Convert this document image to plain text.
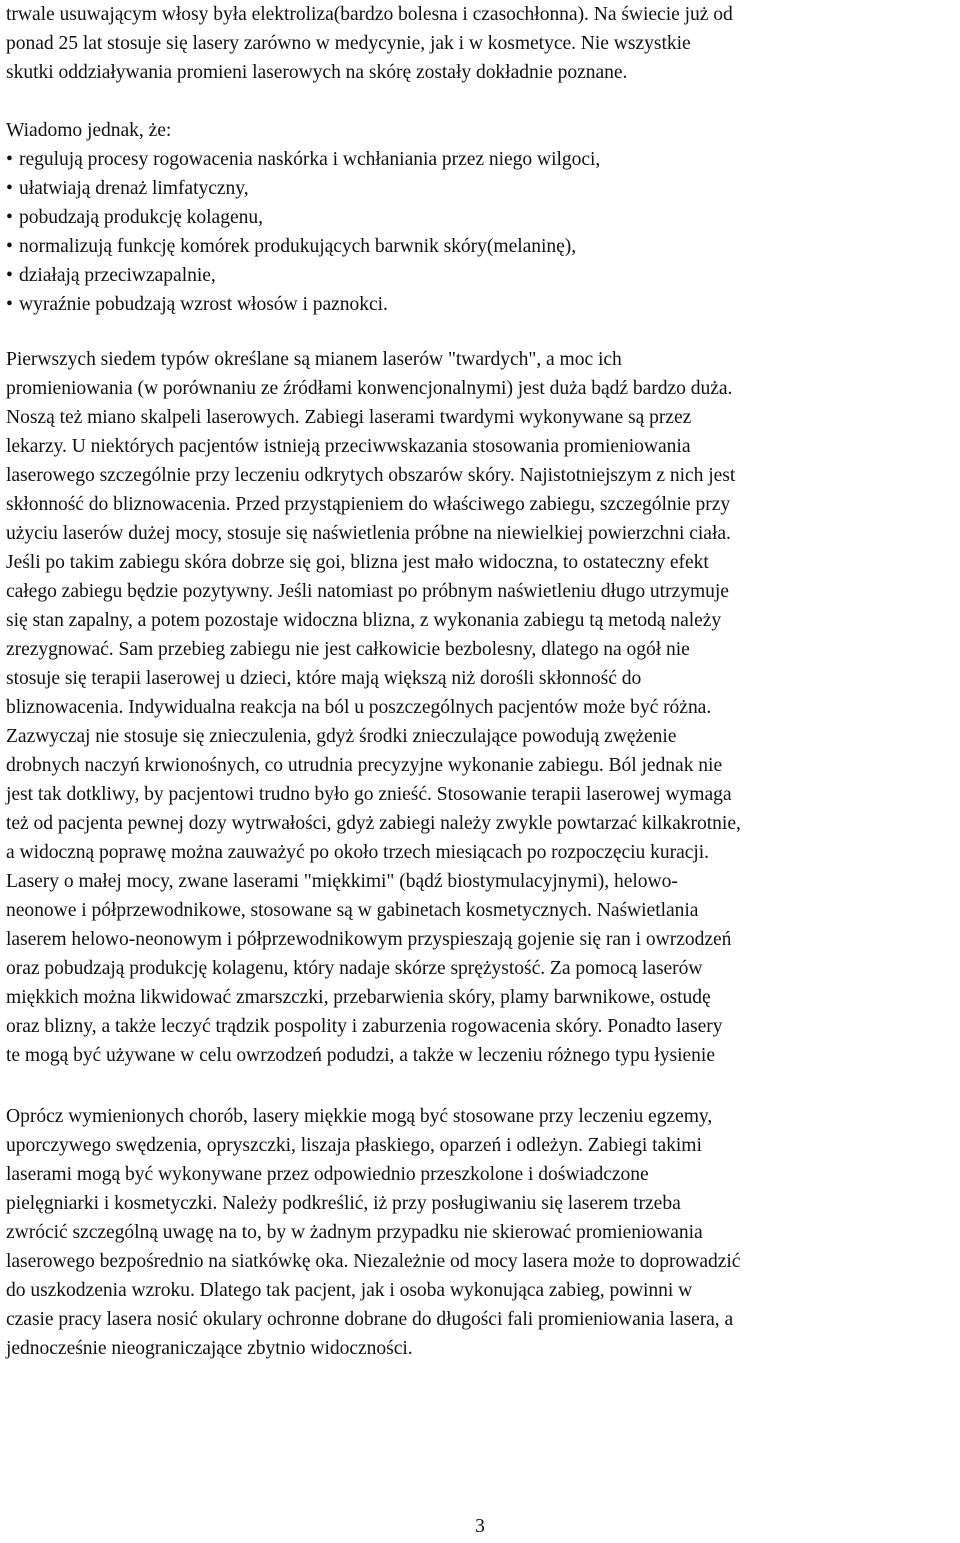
trwale usuwającym włosy była elektroliza(bardzo bolesna i czasochłonna). Na świecie już od
ponad 25 lat stosuje się lasery zarówno w medycynie, jak i w kosmetyce. Nie wszystkie
skutki oddziaływania promieni laserowych na skórę zostały dokładnie poznane.
Wiadomo jednak, że:
• regulują procesy rogowacenia naskórka i wchłaniania przez niego wilgoci,
• ułatwiają drenaż limfatyczny,
• pobudzają produkcję kolagenu,
• normalizują funkcję komórek produkujących barwnik skóry(melaninę),
• działają przeciwzapalnie,
• wyraźnie pobudzają wzrost włosów i paznokci.
Pierwszych siedem typów określane są mianem laserów "twardych", a moc ich
promieniowania (w porównaniu ze źródłami konwencjonalnymi) jest duża bądź bardzo duża.
Noszą też miano skalpeli laserowych. Zabiegi laserami twardymi wykonywane są przez
lekarzy. U niektórych pacjentów istnieją przeciwwskazania stosowania promieniowania
laserowego szczególnie przy leczeniu odkrytych obszarów skóry. Najistotniejszym z nich jest
skłonność do bliznowacenia. Przed przystąpieniem do właściwego zabiegu, szczególnie przy
użyciu laserów dużej mocy, stosuje się naświetlenia próbne na niewielkiej powierzchni ciała.
Jeśli po takim zabiegu skóra dobrze się goi, blizna jest mało widoczna, to ostateczny efekt
całego zabiegu będzie pozytywny. Jeśli natomiast po próbnym naświetleniu długo utrzymuje
się stan zapalny, a potem pozostaje widoczna blizna, z wykonania zabiegu tą metodą należy
zrezygnować. Sam przebieg zabiegu nie jest całkowicie bezbolesny, dlatego na ogół nie
stosuje się terapii laserowej u dzieci, które mają większą niż dorośli skłonność do
bliznowacenia. Indywidualna reakcja na ból u poszczególnych pacjentów może być różna.
Zazwyczaj nie stosuje się znieczulenia, gdyż środki znieczulające powodują zwężenie
drobnych naczyń krwionośnych, co utrudnia precyzyjne wykonanie zabiegu. Ból jednak nie
jest tak dotkliwy, by pacjentowi trudno było go znieść. Stosowanie terapii laserowej wymaga
też od pacjenta pewnej dozy wytrwałości, gdyż zabiegi należy zwykle powtarzać kilkakrotnie,
a widoczną poprawę można zauważyć po około trzech miesiącach po rozpoczęciu kuracji.
Lasery o małej mocy, zwane laserami "miękkimi" (bądź biostymulacyjnymi), helowo-
neonowe i półprzewodnikowe, stosowane są w gabinetach kosmetycznych. Naświetlania
laserem helowo-neonowym i półprzewodnikowym przyspieszają gojenie się ran i owrzodzeń
oraz pobudzają produkcję kolagenu, który nadaje skórze sprężystość. Za pomocą laserów
miękkich można likwidować zmarszczki, przebarwienia skóry, plamy barwnikowe, ostudę
oraz blizny, a także leczyć trądzik pospolity i zaburzenia rogowacenia skóry. Ponadto lasery
te mogą być używane w celu owrzodzeń podudzi, a także w leczeniu różnego typu łysienie
Oprócz wymienionych chorób, lasery miękkie mogą być stosowane przy leczeniu egzemy,
uporczywego swędzenia, opryszczki, liszaja płaskiego, oparzeń i odleżyn. Zabiegi takimi
laserami mogą być wykonywane przez odpowiednio przeszkolone i doświadczone
pielęgniarki i kosmetyczki. Należy podkreślić, iż przy posługiwaniu się laserem trzeba
zwrócić szczególną uwagę na to, by w żadnym przypadku nie skierować promieniowania
laserowego bezpośrednio na siatkówkę oka. Niezależnie od mocy lasera może to doprowadzić
do uszkodzenia wzroku. Dlatego tak pacjent, jak i osoba wykonująca zabieg, powinni w
czasie pracy lasera nosić okulary ochronne dobrane do długości fali promieniowania lasera, a
jednocześnie nieograniczające zbytnio widoczności.
3
